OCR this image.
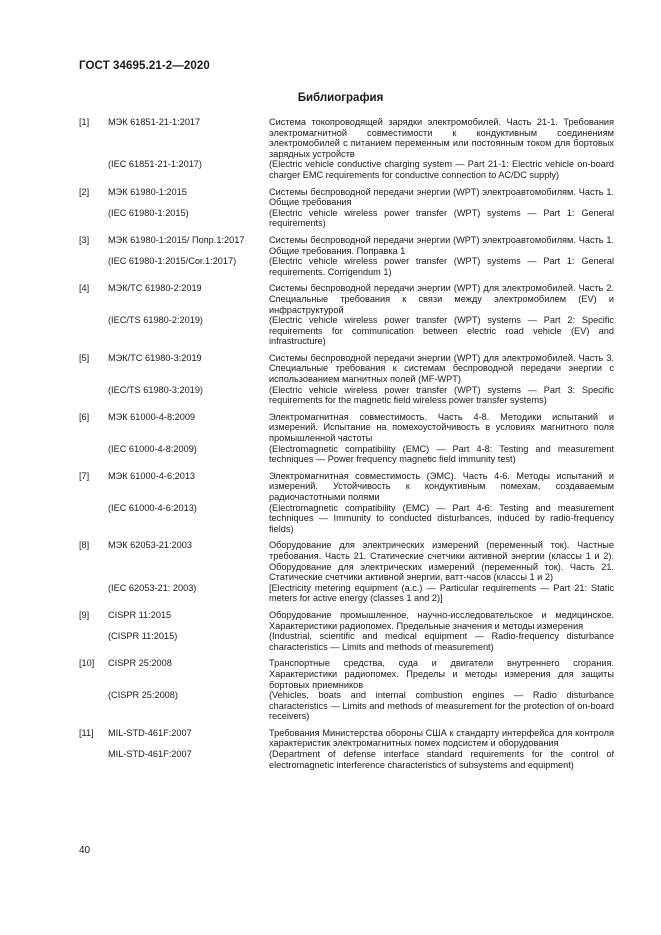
ГОСТ 34695.21-2—2020
Библиография
[1]	МЭК 61851-21-1:2017	Система токопроводящей зарядки электромобилей. Часть 21-1. Требования электромагнитной совместимости к кондуктивным соединениям электромобилей с питанием переменным или постоянным током для бортовых зарядных устройств
(IEC 61851-21-1:2017)	(Electric vehicle conductive charging system — Part 21-1: Electric vehicle on-board charger EMC requirements for conductive connection to AC/DC supply)
[2]	МЭК 61980-1:2015	Системы беспроводной передачи энергии (WPT) электроавтомобилям. Часть 1. Общие требования
(IEC 61980-1:2015)	(Electric vehicle wireless power transfer (WPT) systems — Part 1: General requirements)
[3]	МЭК 61980-1:2015/ Попр.1:2017	Системы беспроводной передачи энергии (WPT) электроавтомобилям. Часть 1. Общие требования. Поправка 1
(IEC 61980-1:2015/Cor.1:2017)	(Electric vehicle wireless power transfer (WPT) systems — Part 1: General requirements. Corrigendum 1)
[4]	МЭК/ТС 61980-2:2019	Системы беспроводной передачи энергии (WPT) для электромобилей. Часть 2. Специальные требования к связи между электромобилем (EV) и инфраструктурой
(IEC/TS 61980-2:2019)	(Electric vehicle wireless power transfer (WPT) systems — Part 2: Specific requirements for communication between electric road vehicle (EV) and infrastructure)
[5]	МЭК/ТС 61980-3:2019	Системы беспроводной передачи энергии (WPT) для электромобилей. Часть 3. Специальные требования к системам беспроводной передачи энергии с использованием магнитных полей (MF-WPT)
(IEC/TS 61980-3:2019)	(Electric vehicle wireless power transfer (WPT) systems — Part 3: Specific requirements for the magnetic field wireless power transfer systems)
[6]	МЭК 61000-4-8:2009	Электромагнитная совместимость. Часть 4-8. Методики испытаний и измерений. Испытание на помехоустойчивость в условиях магнитного поля промышленной частоты
(IEC 61000-4-8:2009)	(Electromagnetic compatibility (EMC) — Part 4-8: Testing and measurement techniques — Power frequency magnetic field immunity test)
[7]	МЭК 61000-4-6:2013	Электромагнитная совместимость (ЭМС). Часть 4-6. Методы испытаний и измерений. Устойчивость к кондуктивным помехам, создаваемым радиочастотными полями
(IEC 61000-4-6:2013)	(Electromagnetic compatibility (EMC) — Part 4-6: Testing and measurement techniques — Immunity to conducted disturbances, induced by radio-frequency fields)
[8]	МЭК 62053-21:2003	Оборудование для электрических измерений (переменный ток). Частные требования. Часть 21. Статические счетчики активной энергии (классы 1 и 2). Оборудование для электрических измерений (переменный ток). Часть 21. Статические счетчики активной энергии, ватт-часов (классы 1 и 2)
(IEC 62053-21: 2003)	[Electricity metering equipment (a.c.) — Particular requirements — Part 21: Static meters for active energy (classes 1 and 2)]
[9]	CISPR 11:2015	Оборудование промышленное, научно-исследовательское и медицинское. Характеристики радиопомех. Предельные значения и методы измерения
(CISPR 11:2015)	(Industrial, scientific and medical equipment — Radio-frequency disturbance characteristics — Limits and methods of measurement)
[10]	CISPR 25:2008	Транспортные средства, суда и двигатели внутреннего сгорания. Характеристики радиопомех. Пределы и методы измерения для защиты бортовых приемников
(CISPR 25:2008)	(Vehicles, boats and internal combustion engines — Radio disturbance characteristics — Limits and methods of measurement for the protection of on-board receivers)
[11]	MIL-STD-461F:2007	Требования Министерства обороны США к стандарту интерфейса для контроля характеристик электромагнитных помех подсистем и оборудования
MIL-STD-461F:2007	(Department of defense interface standard requirements for the control of electromagnetic interference characteristics of subsystems and equipment)
40
